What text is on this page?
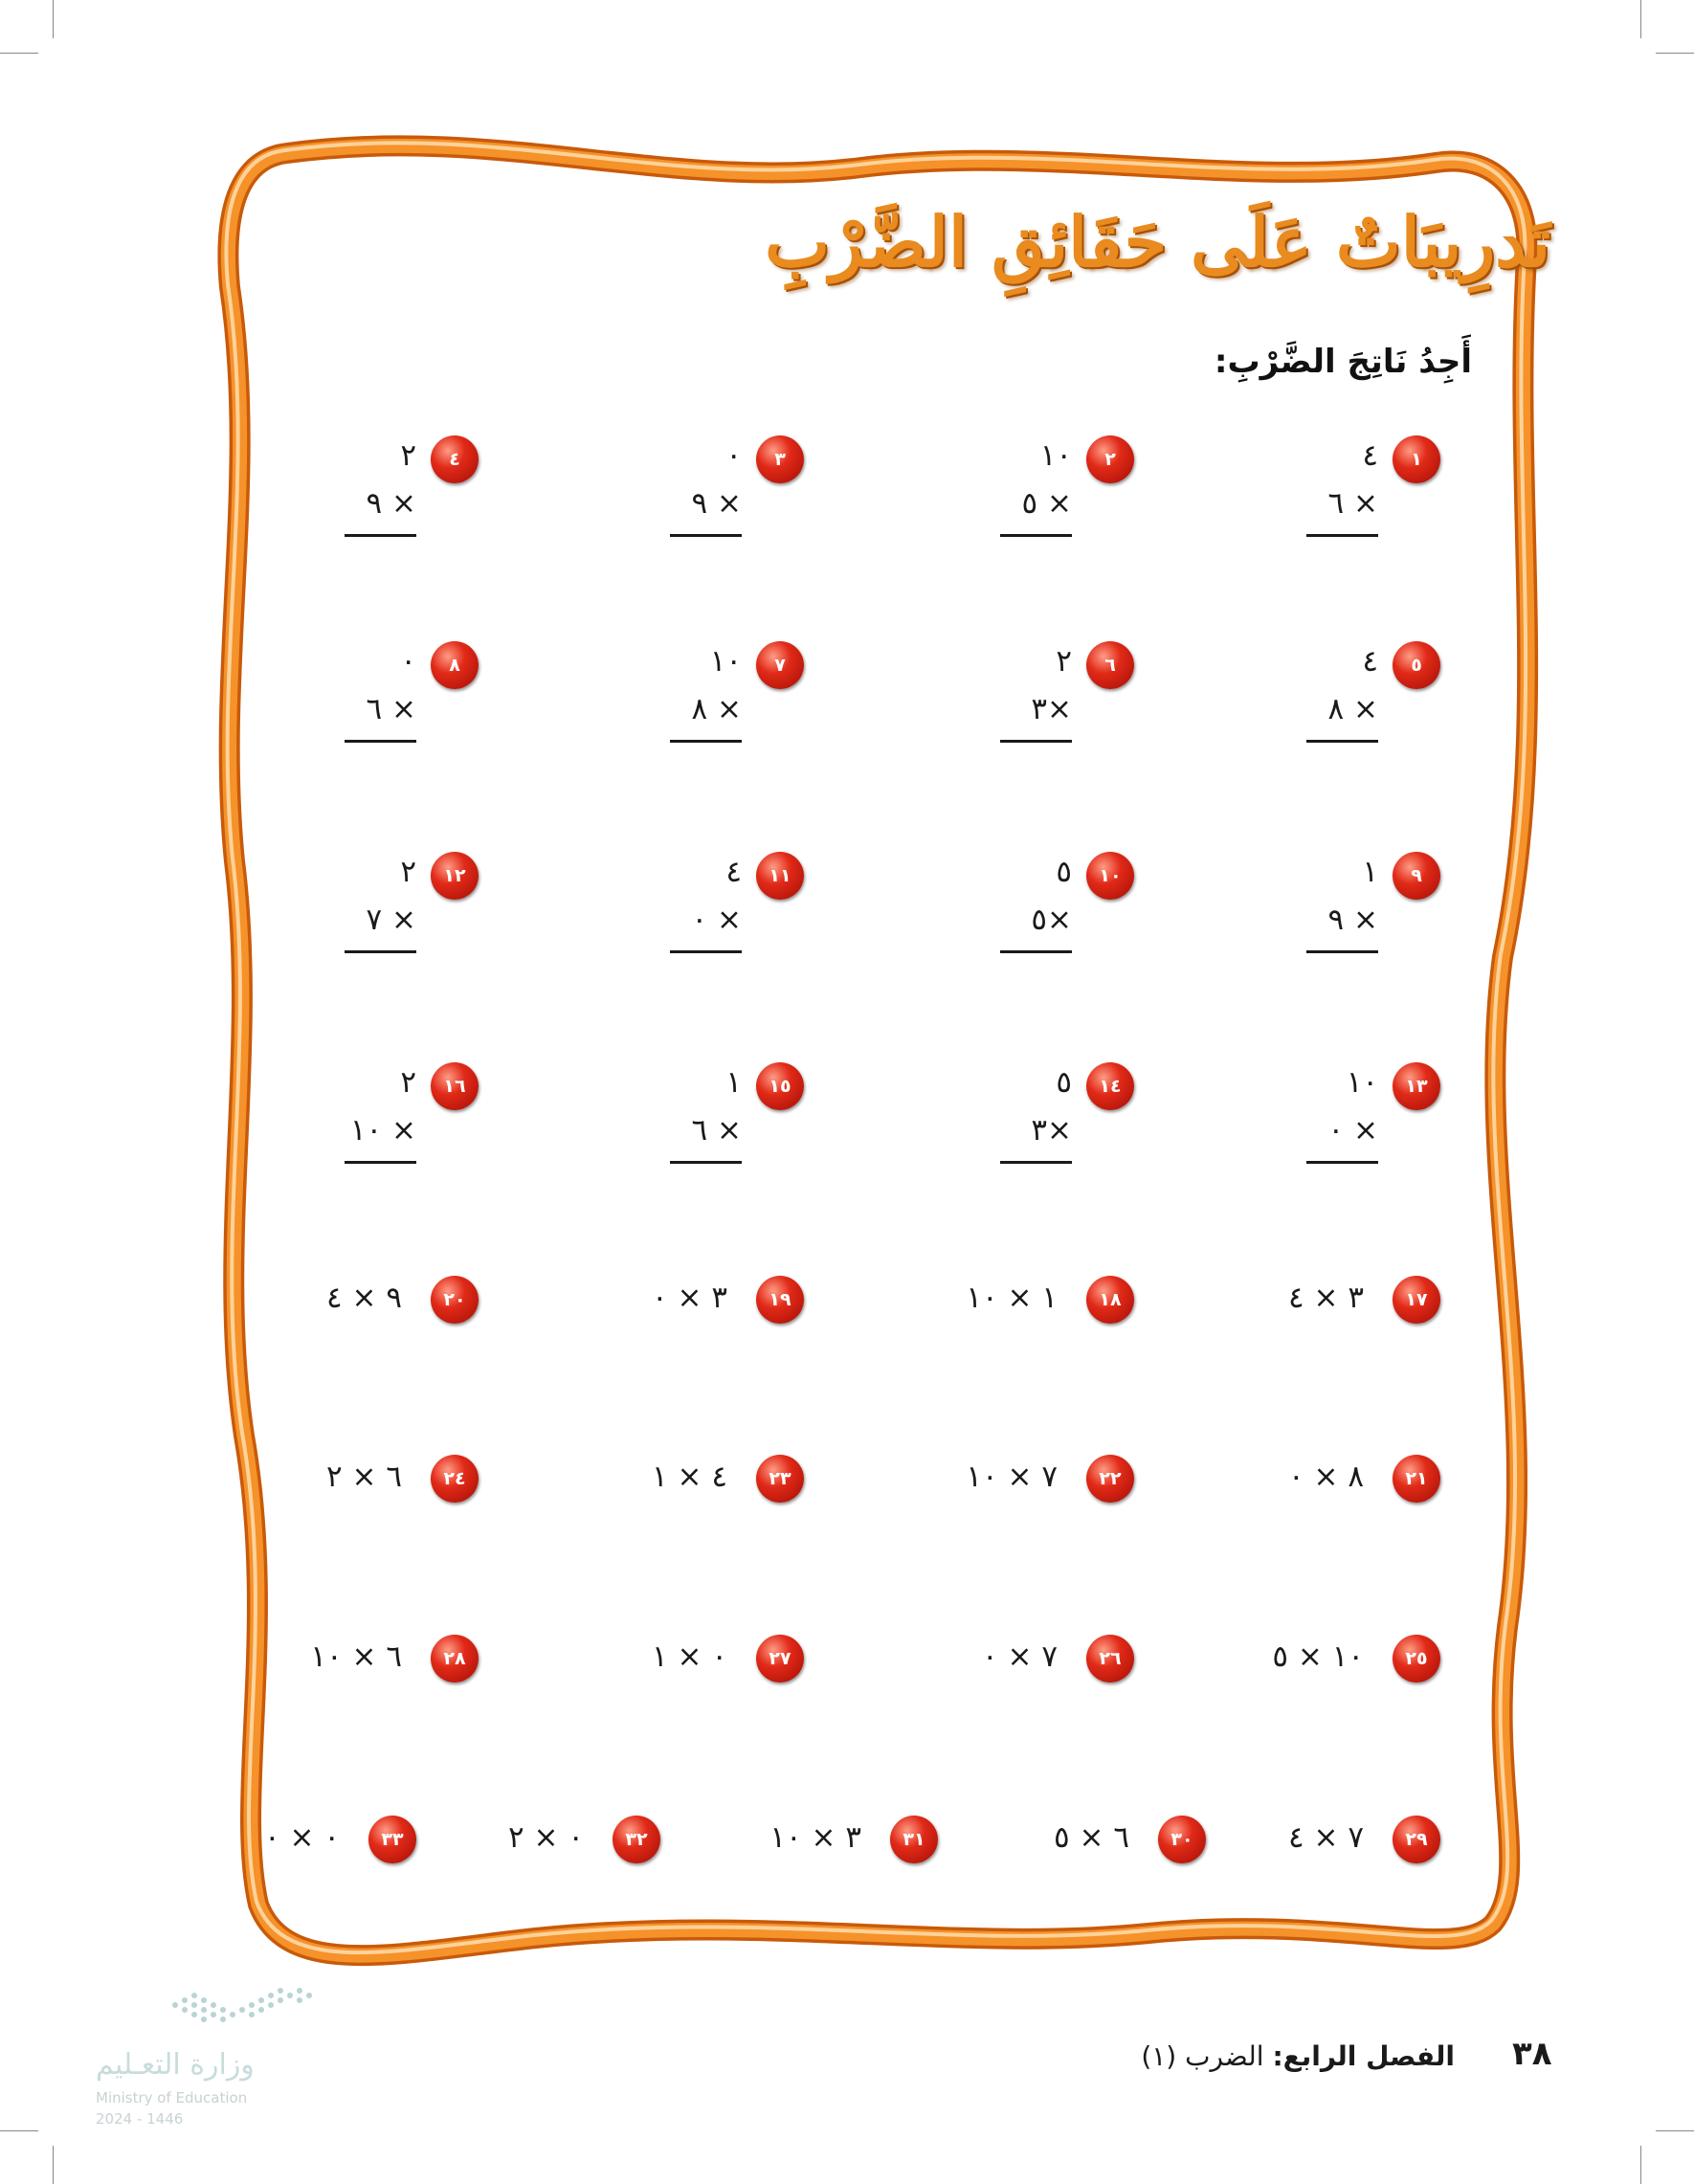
تَدرِيبَاتٌ عَلَى حَقَائِقِ الضَّرْبِ
أَجِدُ نَاتِجَ الضَّرْبِ:
١
٤
٦ ×
٢
١٠
٥ ×
٣
٠
٩ ×
٤
٢
٩ ×
٥
٤
٨ ×
٦
٢
٣×
٧
١٠
٨ ×
٨
٠
٦ ×
٩
١
٩ ×
١٠
٥
٥×
١١
٤
٠ ×
١٢
٢
٧ ×
١٣
١٠
٠ ×
١٤
٥
٣×
١٥
١
٦ ×
١٦
٢
١٠ ×
١٧
٣ × ٤
١٨
١ × ١٠
١٩
٣ × ٠
٢٠
٩ × ٤
٢١
٨ × ٠
٢٢
٧ × ١٠
٢٣
٤ × ١
٢٤
٦ × ٢
٢٥
١٠ × ٥
٢٦
٧ × ٠
٢٧
٠ × ١
٢٨
٦ × ١٠
٢٩
٧ × ٤
٣٠
٦ × ٥
٣١
٣ × ١٠
٣٢
٠ × ٢
٣٣
٠ × ٠
٣٨
الفصل الرابع: الضرب (١)
وزارة التعـليم
Ministry of Education
2024 - 1446
